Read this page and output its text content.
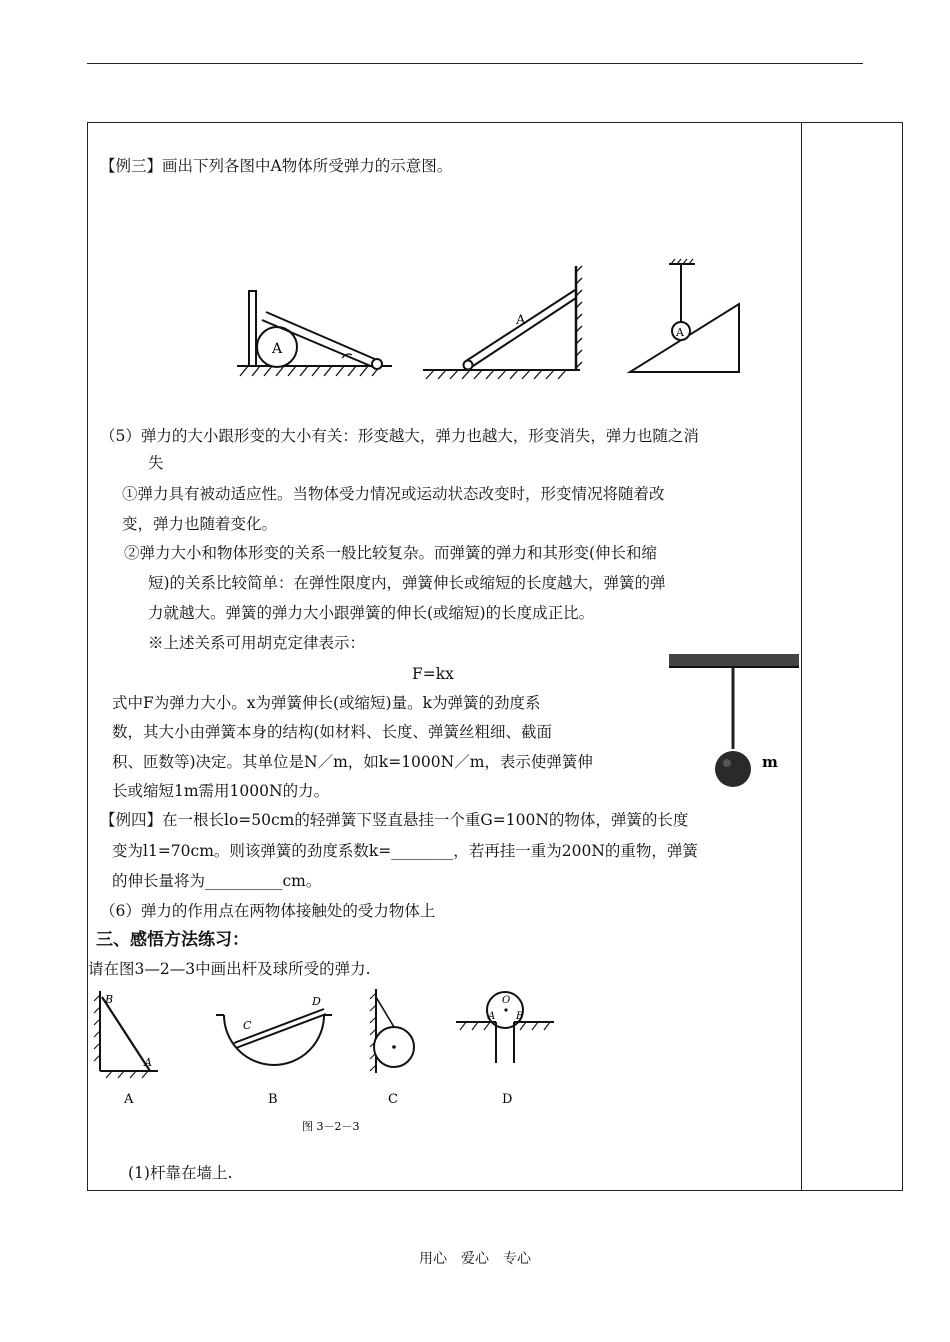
【例三】画出下列各图中A物体所受弹力的示意图。
A
A
A
（5）弹力的大小跟形变的大小有关：形变越大，弹力也越大，形变消失，弹力也随之消
失
①弹力具有被动适应性。当物体受力情况或运动状态改变时，形变情况将随着改
变，弹力也随着变化。
②弹力大小和物体形变的关系一般比较复杂。而弹簧的弹力和其形变(伸长和缩
短)的关系比较简单：在弹性限度内，弹簧伸长或缩短的长度越大，弹簧的弹
力就越大。弹簧的弹力大小跟弹簧的伸长(或缩短)的长度成正比。
※上述关系可用胡克定律表示：
F=kx
m
式中F为弹力大小。x为弹簧伸长(或缩短)量。k为弹簧的劲度系
数，其大小由弹簧本身的结构(如材料、长度、弹簧丝粗细、截面
积、匝数等)决定。其单位是N／m，如k=1000N／m，表示使弹簧伸
长或缩短1m需用1000N的力。
【例四】在一根长lo=50cm的轻弹簧下竖直悬挂一个重G=100N的物体，弹簧的长度
变为l1=70cm。则该弹簧的劲度系数k=________，若再挂一重为200N的重物，弹簧
的伸长量将为__________cm。
（6）弹力的作用点在两物体接触处的受力物体上
三、感悟方法练习：
请在图3—2—3中画出杆及球所受的弹力.
B
A
A
C
D
B	C
O
A B
D
图 3－2－3
(1)杆靠在墙上.
用心　爱心　专心
